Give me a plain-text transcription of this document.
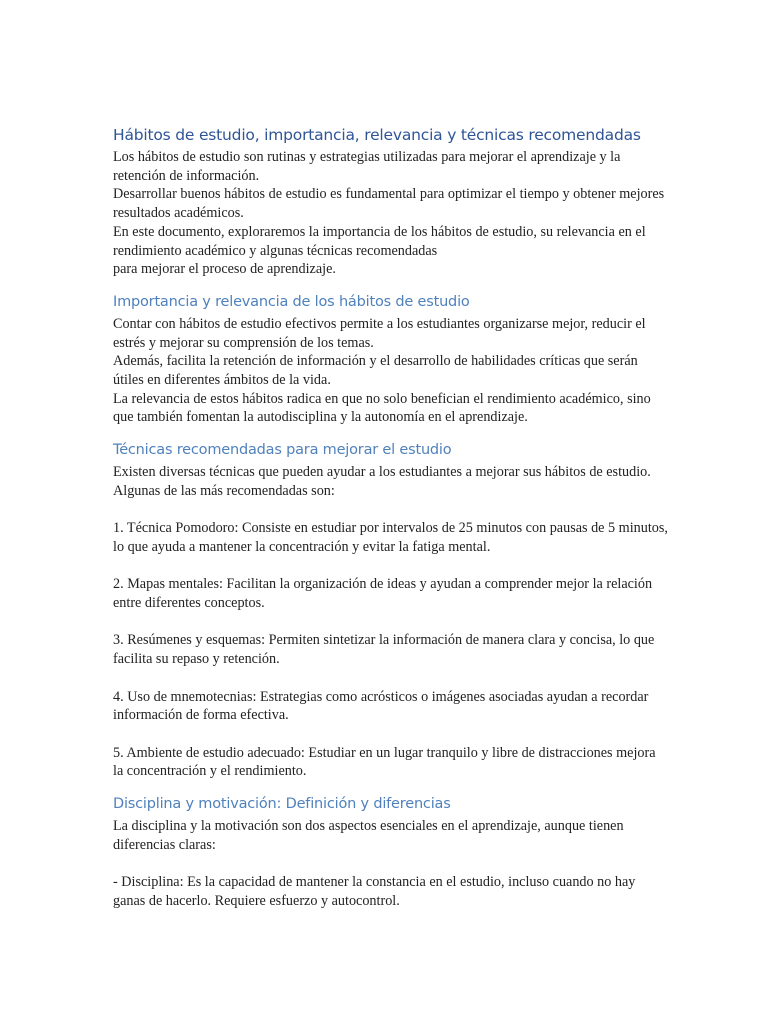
Hábitos de estudio, importancia, relevancia y técnicas recomendadas
Los hábitos de estudio son rutinas y estrategias utilizadas para mejorar el aprendizaje y la
retención de información.
Desarrollar buenos hábitos de estudio es fundamental para optimizar el tiempo y obtener mejores
resultados académicos.
En este documento, exploraremos la importancia de los hábitos de estudio, su relevancia en el
rendimiento académico y algunas técnicas recomendadas
para mejorar el proceso de aprendizaje.
Importancia y relevancia de los hábitos de estudio
Contar con hábitos de estudio efectivos permite a los estudiantes organizarse mejor, reducir el
estrés y mejorar su comprensión de los temas.
Además, facilita la retención de información y el desarrollo de habilidades críticas que serán
útiles en diferentes ámbitos de la vida.
La relevancia de estos hábitos radica en que no solo benefician el rendimiento académico, sino
que también fomentan la autodisciplina y la autonomía en el aprendizaje.
Técnicas recomendadas para mejorar el estudio
Existen diversas técnicas que pueden ayudar a los estudiantes a mejorar sus hábitos de estudio.
Algunas de las más recomendadas son:
1. Técnica Pomodoro: Consiste en estudiar por intervalos de 25 minutos con pausas de 5 minutos,
lo que ayuda a mantener la concentración y evitar la fatiga mental.
2. Mapas mentales: Facilitan la organización de ideas y ayudan a comprender mejor la relación
entre diferentes conceptos.
3. Resúmenes y esquemas: Permiten sintetizar la información de manera clara y concisa, lo que
facilita su repaso y retención.
4. Uso de mnemotecnias: Estrategias como acrósticos o imágenes asociadas ayudan a recordar
información de forma efectiva.
5. Ambiente de estudio adecuado: Estudiar en un lugar tranquilo y libre de distracciones mejora
la concentración y el rendimiento.
Disciplina y motivación: Definición y diferencias
La disciplina y la motivación son dos aspectos esenciales en el aprendizaje, aunque tienen
diferencias claras:
- Disciplina: Es la capacidad de mantener la constancia en el estudio, incluso cuando no hay
ganas de hacerlo. Requiere esfuerzo y autocontrol.
